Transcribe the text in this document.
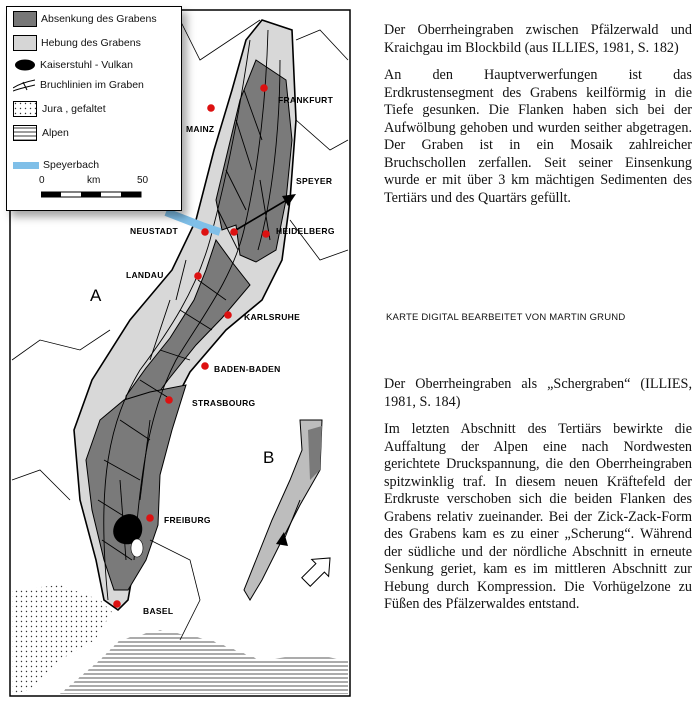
FRANKFURT
MAINZ
SPEYER
NEUSTADT	HEIDELBERG
LANDAU
KARLSRUHE
BADEN-BADEN
STRASBOURG
FREIBURG
BASEL
A
B
Absenkung des Grabens
Hebung des Grabens
Kaiserstuhl - Vulkan
Bruchlinien im Graben
Jura , gefaltet
Alpen
Speyerbach
0	km	50

Der Oberrheingraben zwischen Pfälzerwald und Kraichgau im Blockbild (aus ILLIES, 1981, S. 182)

An den Hauptverwerfungen ist das Erdkrustensegment des Grabens keilförmig in die Tiefe gesunken. Die Flanken haben sich bei der Aufwölbung gehoben und wurden seither abgetragen. Der Graben ist in ein Mosaik zahlreicher Bruchschollen zerfallen. Seit seiner Einsenkung wurde er mit über 3 km mächtigen Sedimenten des Tertiärs und des Quartärs gefüllt.

KARTE DIGITAL BEARBEITET VON MARTIN GRUND

Der Oberrheingraben als „Schergraben“ (ILLIES, 1981, S. 184)

Im letzten Abschnitt des Tertiärs bewirkte die Auffaltung der Alpen eine nach Nordwesten gerichtete Druckspannung, die den Oberrheingraben spitzwinklig traf. In diesem neuen Kräftefeld der Erdkruste verschoben sich die beiden Flanken des Grabens relativ zueinander. Bei der Zick-Zack-Form des Grabens kam es zu einer „Scherung“. Während der südliche und der nördliche Abschnitt in erneute Senkung geriet, kam es im mittleren Abschnitt zur Hebung durch Kompression. Die Vorhügelzone zu Füßen des Pfälzerwaldes entstand.
